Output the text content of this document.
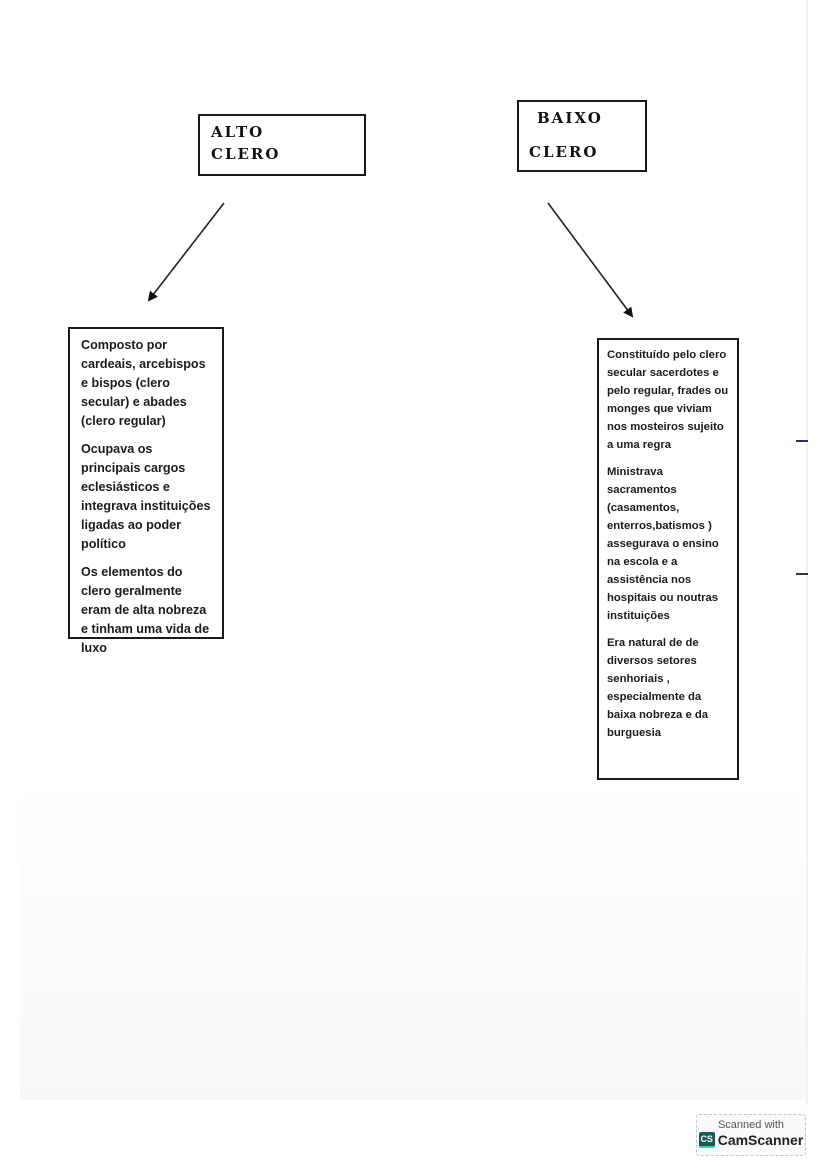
ALTO
CLERO
BAIXO
CLERO

Composto por cardeais, arcebispos e bispos (clero secular) e abades (clero regular)

Ocupava os principais cargos eclesiásticos e integrava instituições ligadas ao poder político

Os elementos do clero geralmente eram de alta nobreza e tinham uma vida de luxo

Constituído pelo clero secular sacerdotes e pelo regular, frades ou monges que viviam nos mosteiros sujeito a uma regra

Ministrava sacramentos (casamentos, enterros,batismos ) assegurava o ensino na escola e a assistência nos hospitais ou noutras instituições

Era natural de de diversos setores senhoriais , especialmente da baixa nobreza e da burguesia

Scanned with
CS CamScanner
